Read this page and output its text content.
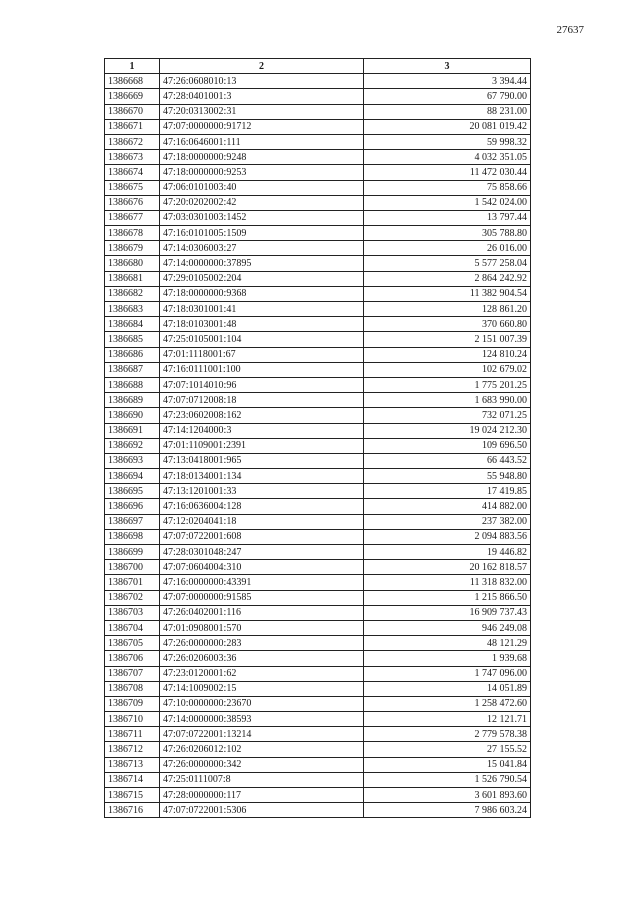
27637
1	2	3
1386668	47:26:0608010:13	3 394.44
1386669	47:28:0401001:3	67 790.00
1386670	47:20:0313002:31	88 231.00
1386671	47:07:0000000:91712	20 081 019.42
1386672	47:16:0646001:111	59 998.32
1386673	47:18:0000000:9248	4 032 351.05
1386674	47:18:0000000:9253	11 472 030.44
1386675	47:06:0101003:40	75 858.66
1386676	47:20:0202002:42	1 542 024.00
1386677	47:03:0301003:1452	13 797.44
1386678	47:16:0101005:1509	305 788.80
1386679	47:14:0306003:27	26 016.00
1386680	47:14:0000000:37895	5 577 258.04
1386681	47:29:0105002:204	2 864 242.92
1386682	47:18:0000000:9368	11 382 904.54
1386683	47:18:0301001:41	128 861.20
1386684	47:18:0103001:48	370 660.80
1386685	47:25:0105001:104	2 151 007.39
1386686	47:01:1118001:67	124 810.24
1386687	47:16:0111001:100	102 679.02
1386688	47:07:1014010:96	1 775 201.25
1386689	47:07:0712008:18	1 683 990.00
1386690	47:23:0602008:162	732 071.25
1386691	47:14:1204000:3	19 024 212.30
1386692	47:01:1109001:2391	109 696.50
1386693	47:13:0418001:965	66 443.52
1386694	47:18:0134001:134	55 948.80
1386695	47:13:1201001:33	17 419.85
1386696	47:16:0636004:128	414 882.00
1386697	47:12:0204041:18	237 382.00
1386698	47:07:0722001:608	2 094 883.56
1386699	47:28:0301048:247	19 446.82
1386700	47:07:0604004:310	20 162 818.57
1386701	47:16:0000000:43391	11 318 832.00
1386702	47:07:0000000:91585	1 215 866.50
1386703	47:26:0402001:116	16 909 737.43
1386704	47:01:0908001:570	946 249.08
1386705	47:26:0000000:283	48 121.29
1386706	47:26:0206003:36	1 939.68
1386707	47:23:0120001:62	1 747 096.00
1386708	47:14:1009002:15	14 051.89
1386709	47:10:0000000:23670	1 258 472.60
1386710	47:14:0000000:38593	12 121.71
1386711	47:07:0722001:13214	2 779 578.38
1386712	47:26:0206012:102	27 155.52
1386713	47:26:0000000:342	15 041.84
1386714	47:25:0111007:8	1 526 790.54
1386715	47:28:0000000:117	3 601 893.60
1386716	47:07:0722001:5306	7 986 603.24
